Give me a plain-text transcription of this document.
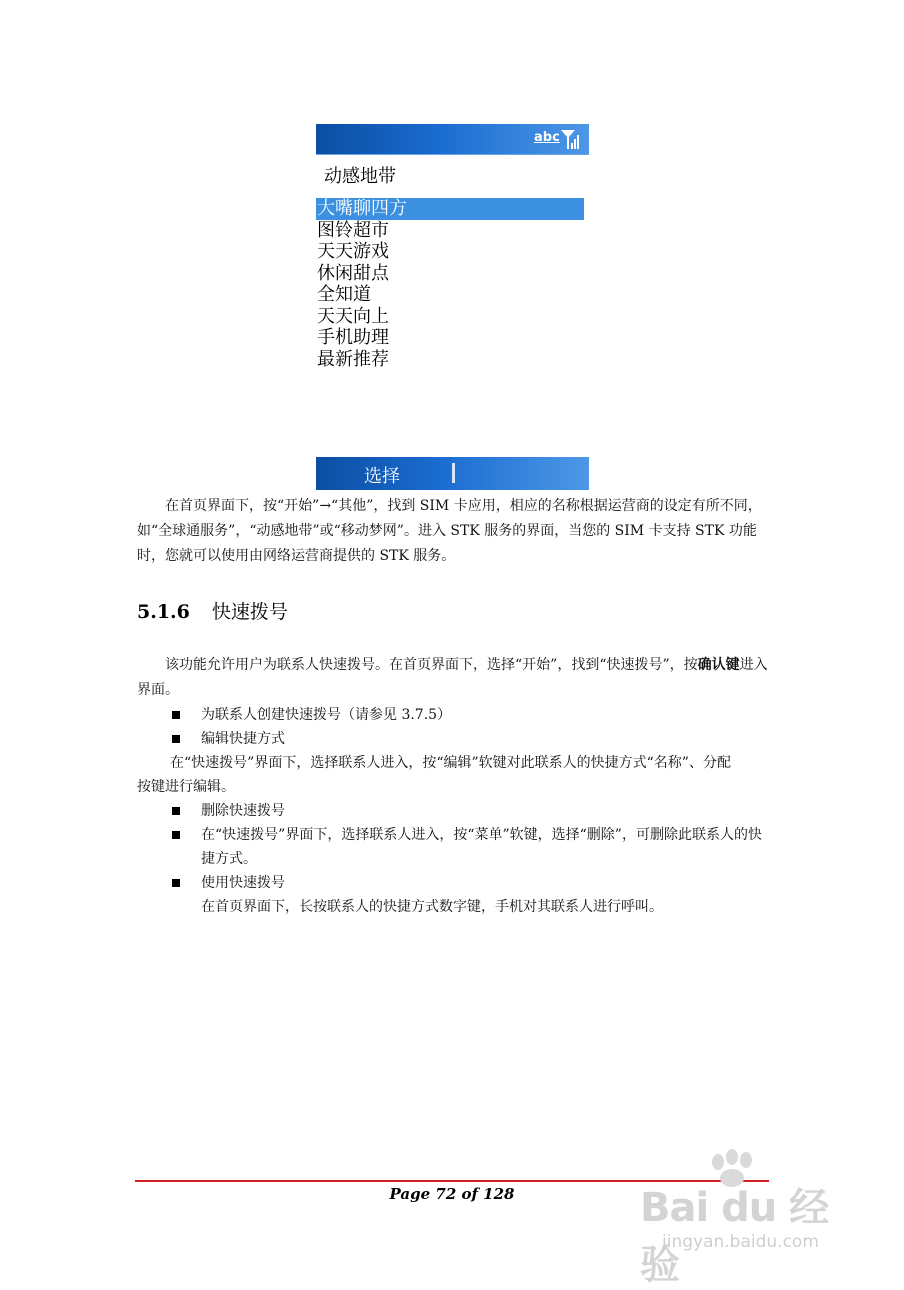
abc
动感地带
大嘴聊四方
图铃超市
天天游戏
休闲甜点
全知道
天天向上
手机助理
最新推荐
选择

在首页界面下，按“开始”→“其他”，找到 SIM 卡应用，相应的名称根据运营商的设定有所不同，如“全球通服务”，“动感地带”或“移动梦网”。进入 STK 服务的界面，当您的 SIM 卡支持 STK 功能时，您就可以使用由网络运营商提供的 STK 服务。

5.1.6 快速拨号

该功能允许用户为联系人快速拨号。在首页界面下，选择“开始”，找到“快速拨号”，按确认键进入界面。

为联系人创建快速拨号（请参见 3.7.5）
编辑快捷方式
在“快速拨号”界面下，选择联系人进入，按“编辑”软键对此联系人的快捷方式“名称”、分配按键进行编辑。
删除快速拨号
在“快速拨号”界面下，选择联系人进入，按“菜单”软键，选择“删除”，可删除此联系人的快捷方式。
使用快速拨号
在首页界面下，长按联系人的快捷方式数字键，手机对其联系人进行呼叫。
Page 72 of 128	Bai du 经验
jingyan.baidu.com
